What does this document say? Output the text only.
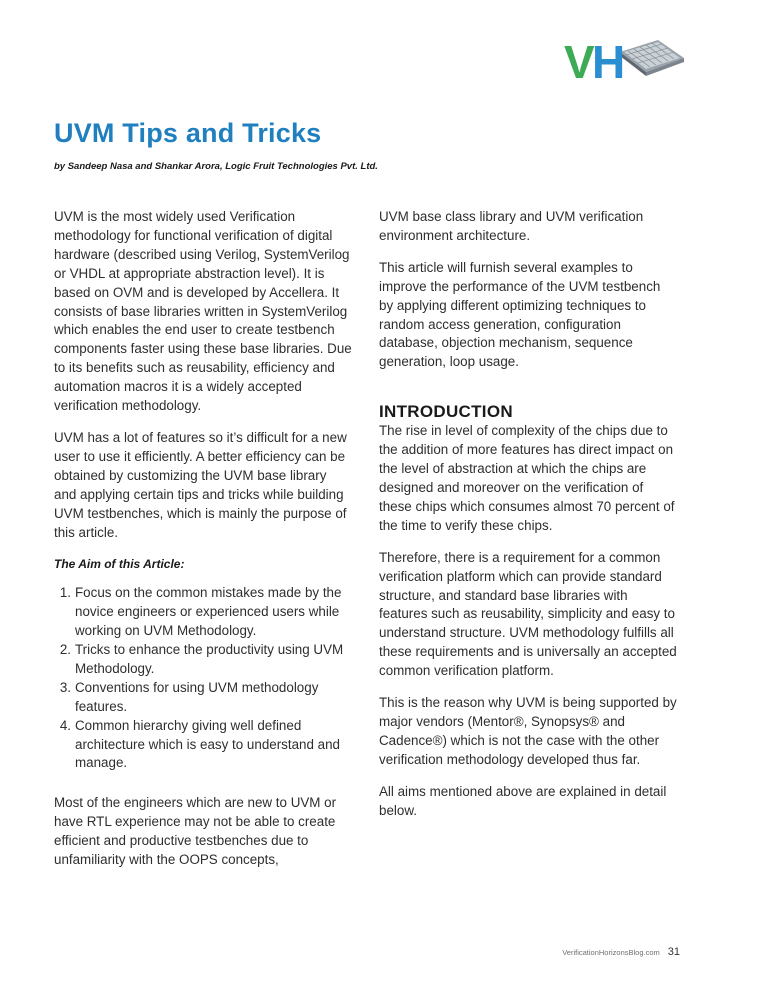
V
H
UVM Tips and Tricks

by Sandeep Nasa and Shankar Arora, Logic Fruit Technologies Pvt. Ltd.

UVM is the most widely used Verification methodology for functional verification of digital hardware (described using Verilog, SystemVerilog or VHDL at appropriate abstraction level). It is based on OVM and is developed by Accellera. It consists of base libraries written in SystemVerilog which enables the end user to create testbench components faster using these base libraries. Due to its benefits such as reusability, efficiency and automation macros it is a widely accepted verification methodology.

UVM has a lot of features so it’s difficult for a new user to use it efficiently. A better efficiency can be obtained by customizing the UVM base library and applying certain tips and tricks while building UVM testbenches, which is mainly the purpose of this article.

The Aim of this Article:

1. Focus on the common mistakes made by the novice engineers or experienced users while working on UVM Methodology.
2. Tricks to enhance the productivity using UVM Methodology.
3. Conventions for using UVM methodology features.
4. Common hierarchy giving well defined architecture which is easy to understand and manage.

Most of the engineers which are new to UVM or have RTL experience may not be able to create efficient and productive testbenches due to unfamiliarity with the OOPS concepts,

UVM base class library and UVM verification environment architecture.

This article will furnish several examples to improve the performance of the UVM testbench by applying different optimizing techniques to random access generation, configuration database, objection mechanism, sequence generation, loop usage.

INTRODUCTION

The rise in level of complexity of the chips due to the addition of more features has direct impact on the level of abstraction at which the chips are designed and moreover on the verification of these chips which consumes almost 70 percent of the time to verify these chips.

Therefore, there is a requirement for a common verification platform which can provide standard structure, and standard base libraries with features such as reusability, simplicity and easy to understand structure. UVM methodology fulfills all these requirements and is universally an accepted common verification platform.

This is the reason why UVM is being supported by major vendors (Mentor®, Synopsys® and Cadence®) which is not the case with the other verification methodology developed thus far.

All aims mentioned above are explained in detail below.

VerificationHorizonsBlog.com 31
